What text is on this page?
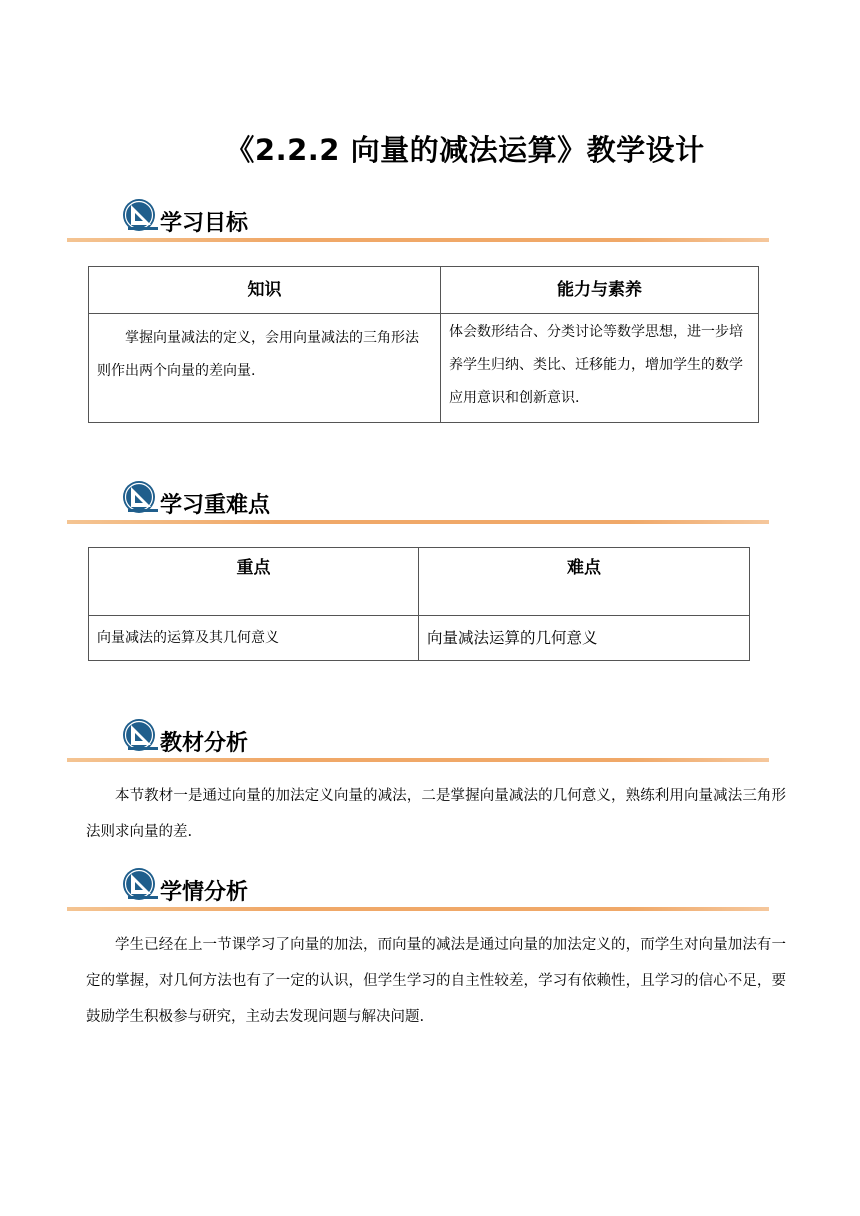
《2.2.2 向量的减法运算》教学设计
学习目标
知识	能力与素养
掌握向量减法的定义，会用向量减法的三角形法则作出两个向量的差向量.	体会数形结合、分类讨论等数学思想，进一步培养学生归纳、类比、迁移能力，增加学生的数学应用意识和创新意识.
学习重难点
重点	难点
向量减法的运算及其几何意义	向量减法运算的几何意义
教材分析
本节教材一是通过向量的加法定义向量的减法，二是掌握向量减法的几何意义，熟练利用向量减法三角形法则求向量的差.
学情分析
学生已经在上一节课学习了向量的加法，而向量的减法是通过向量的加法定义的，而学生对向量加法有一定的掌握，对几何方法也有了一定的认识，但学生学习的自主性较差，学习有依赖性，且学习的信心不足，要鼓励学生积极参与研究，主动去发现问题与解决问题.
